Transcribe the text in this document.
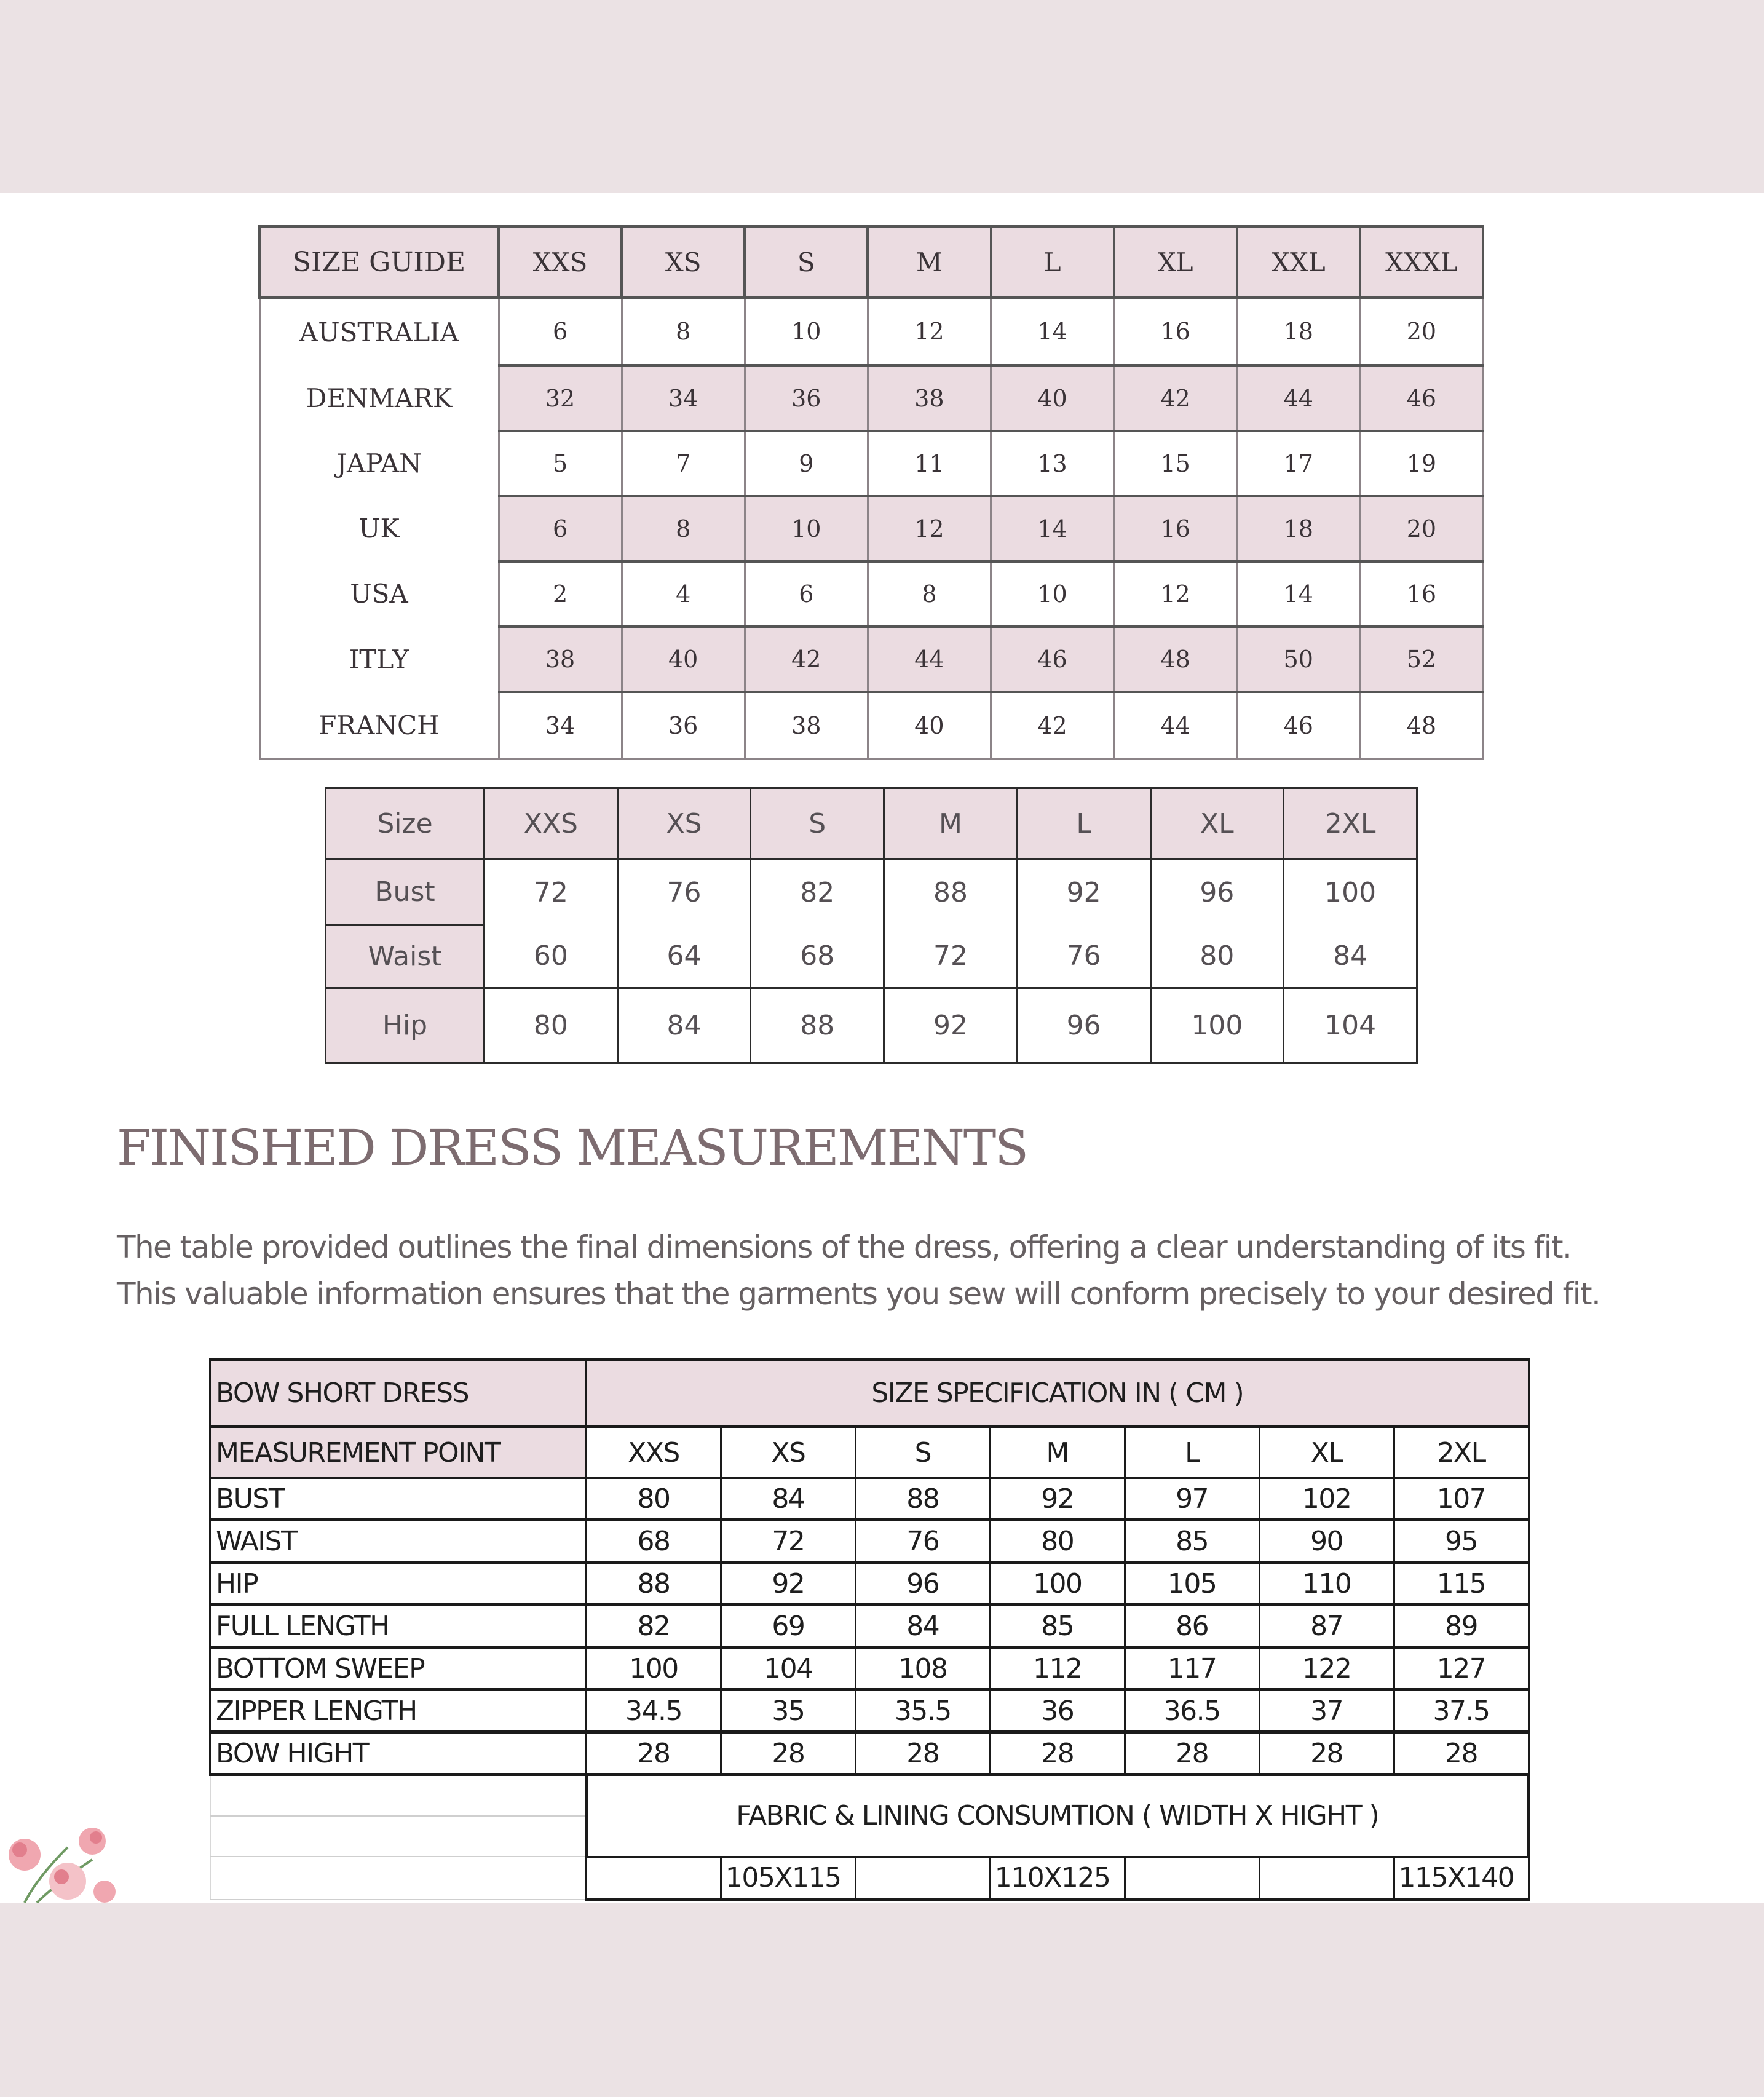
SIZE GUIDE	XXS	XS	S	M	L	XL	XXL	XXXL
AUSTRALIA	6	8	10	12	14	16	18	20
DENMARK	32	34	36	38	40	42	44	46
JAPAN	5	7	9	11	13	15	17	19
UK	6	8	10	12	14	16	18	20
USA	2	4	6	8	10	12	14	16
ITLY	38	40	42	44	46	48	50	52
FRANCH	34	36	38	40	42	44	46	48
Size	XXS	XS	S	M	L	XL	2XL
Bust	72	76	82	88	92	96	100
Waist	60	64	68	72	76	80	84
Hip	80	84	88	92	96	100	104
FINISHED DRESS MEASUREMENTS

The table provided outlines the final dimensions of the dress, offering a clear understanding of its fit.
This valuable information ensures that the garments you sew will conform precisely to your desired fit.

BOW SHORT DRESS	SIZE SPECIFICATION IN ( CM )						
MEASUREMENT POINT	XXS	XS	S	M	L	XL	2XL
BUST	80	84	88	92	97	102	107
WAIST	68	72	76	80	85	90	95
HIP	88	92	96	100	105	110	115
FULL LENGTH	82	69	84	85	86	87	89
BOTTOM SWEEP	100	104	108	112	117	122	127
ZIPPER LENGTH	34.5	35	35.5	36	36.5	37	37.5
BOW HIGHT	28	28	28	28	28	28	28
	FABRIC & LINING CONSUMTION ( WIDTH X HIGHT )						

		105X115		110X125			115X140
